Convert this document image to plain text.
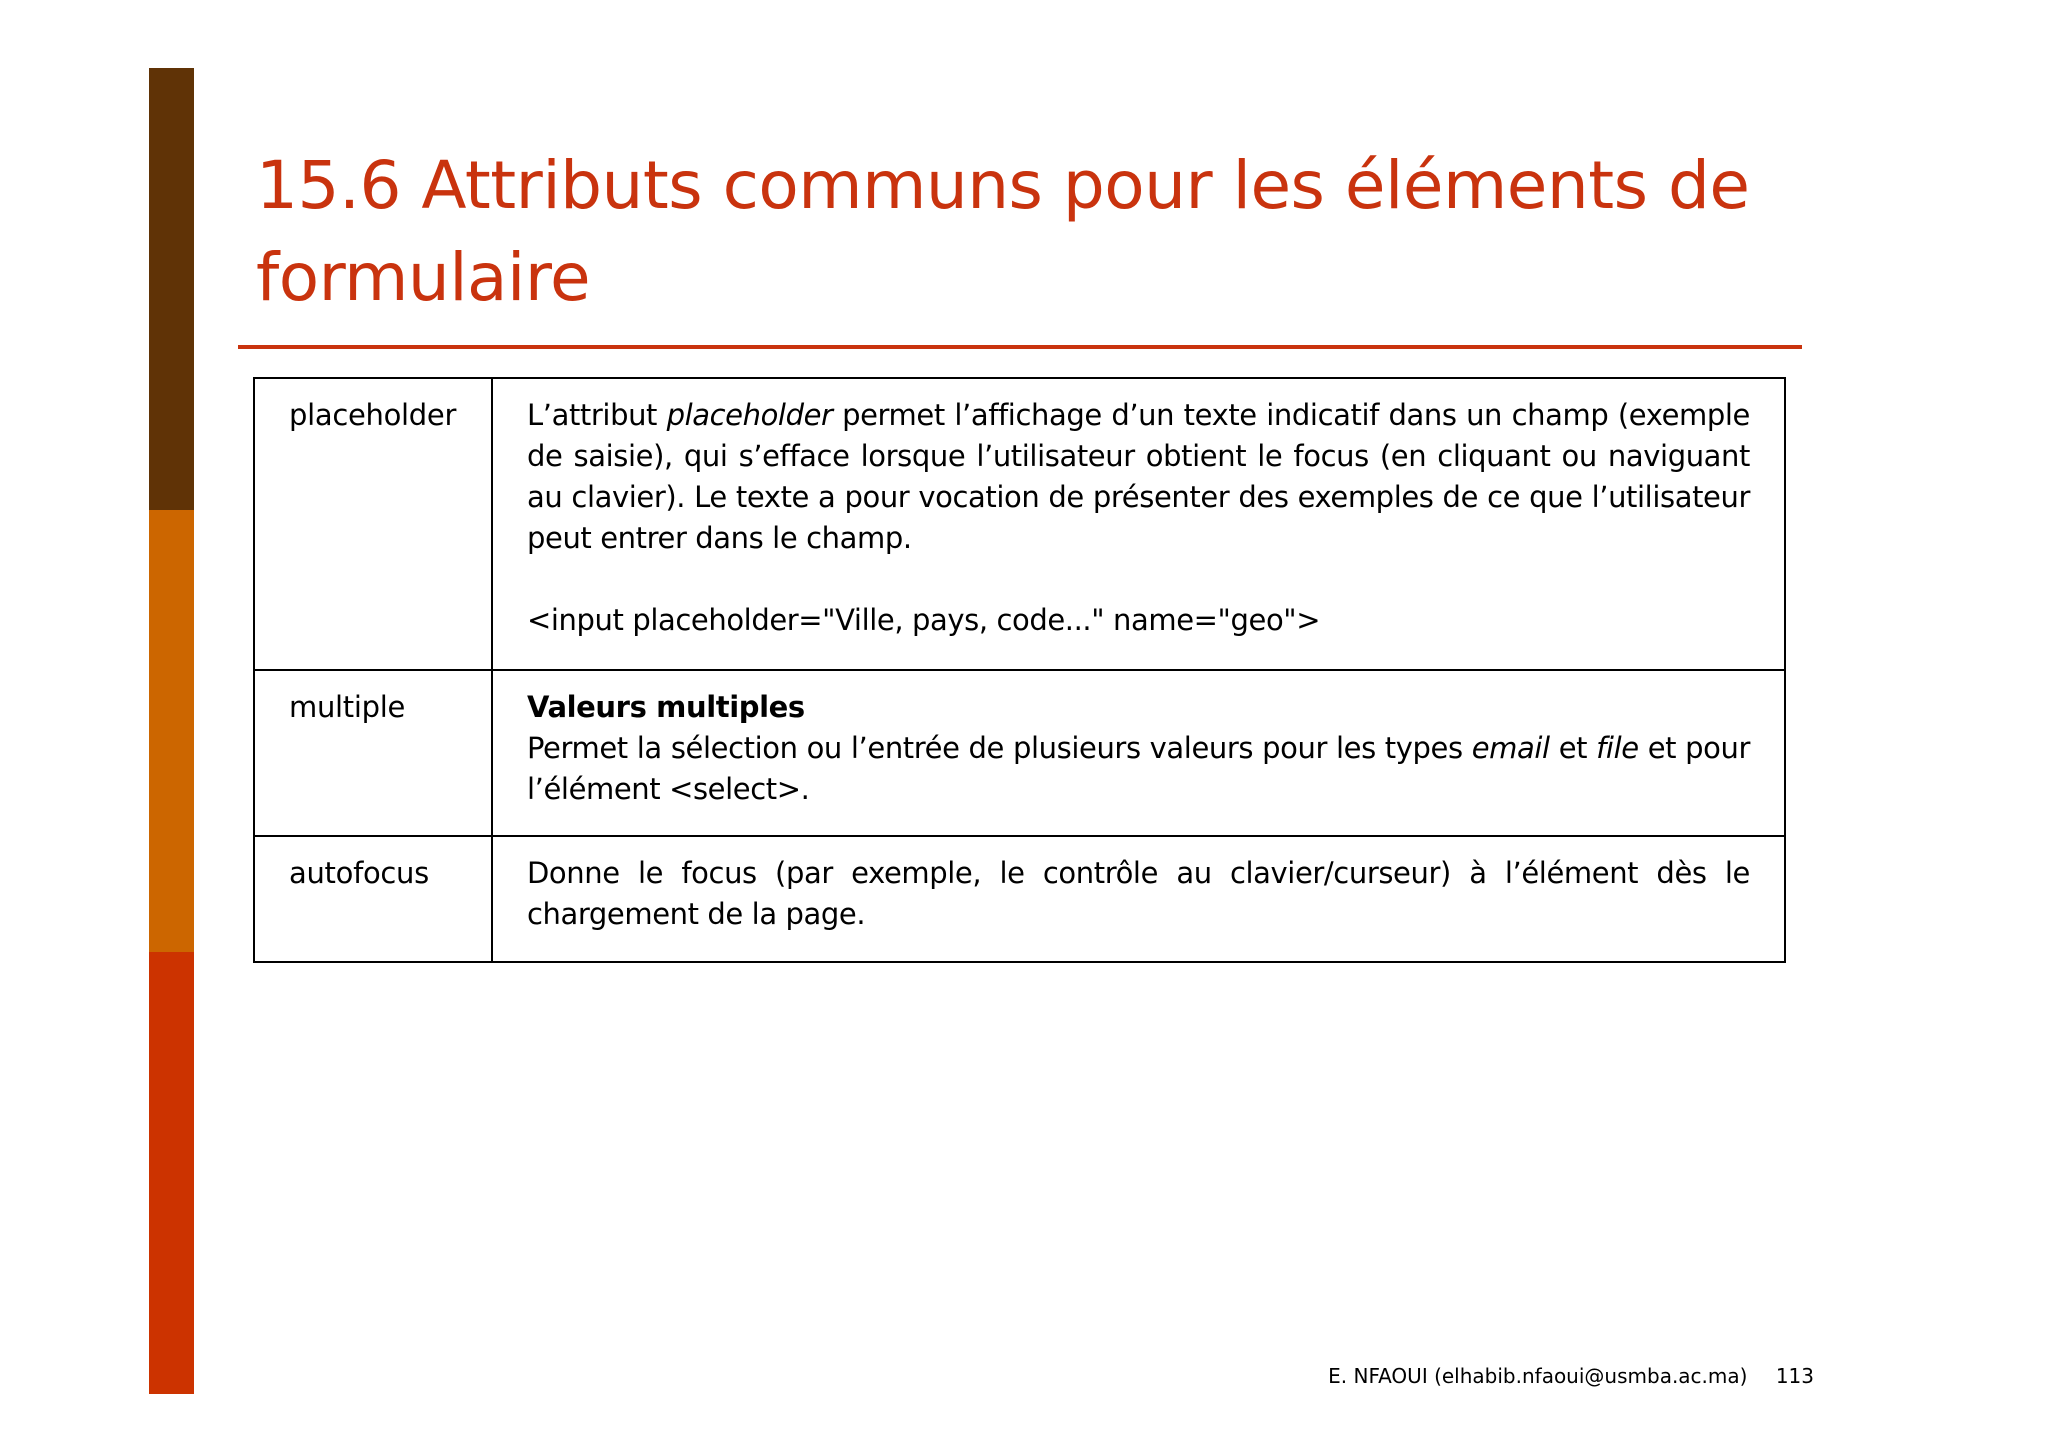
15.6 Attributs communs pour les éléments de formulaire
placeholder	L’attribut placeholder permet l’affichage d’un texte indicatif dans un champ (exemple de saisie), qui s’efface lorsque l’utilisateur obtient le focus (en cliquant ou naviguant au clavier). Le texte a pour vocation de présenter des exemples de ce que l’utilisateur peut entrer dans le champ.
<input placeholder="Ville, pays, code..." name="geo">
multiple	Valeurs multiples
Permet la sélection ou l’entrée de plusieurs valeurs pour les types email et file et pour l’élément <select>.
autofocus	Donne le focus (par exemple, le contrôle au clavier/curseur) à l’élément dès le chargement de la page.
E. NFAOUI (elhabib.nfaoui@usmba.ac.ma) 113
